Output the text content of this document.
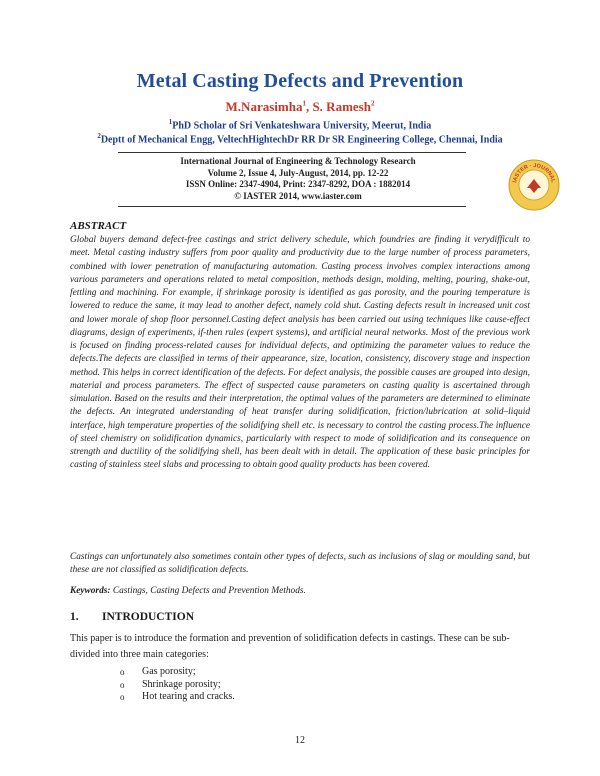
Metal Casting Defects and Prevention
M.Narasimha$^1$, S. Ramesh$^2$
$^1$PhD Scholar of Sri Venkateshwara University, Meerut, India
$^2$Deptt of Mechanical Engg, VeltechHightechDr RR Dr SR Engineering College, Chennai, India
International Journal of Engineering & Technology Research
Volume 2, Issue 4, July-August, 2014, pp. 12-22
ISSN Online: 2347-4904, Print: 2347-8292, DOA : 1882014
© IASTER 2014, www.iaster.com
IASTER · JOURNAL
ABSTRACT
Global buyers demand defect-free castings and strict delivery schedule, which foundries are finding it verydifficult to meet. Metal casting industry suffers from poor quality and productivity due to the large number of process parameters, combined with lower penetration of manufacturing automation. Casting process involves complex interactions among various parameters and operations related to metal composition, methods design, molding, melting, pouring, shake-out, fettling and machining. For example, if shrinkage porosity is identified as gas porosity, and the pouring temperature is lowered to reduce the same, it may lead to another defect, namely cold shut. Casting defects result in increased unit cost and lower morale of shop floor personnel.Casting defect analysis has been carried out using techniques like cause-effect diagrams, design of experiments, if-then rules (expert systems), and artificial neural networks. Most of the previous work is focused on finding process-related causes for individual defects, and optimizing the parameter values to reduce the defects.The defects are classified in terms of their appearance, size, location, consistency, discovery stage and inspection method. This helps in correct identification of the defects. For defect analysis, the possible causes are grouped into design, material and process parameters. The effect of suspected cause parameters on casting quality is ascertained through simulation. Based on the results and their interpretation, the optimal values of the parameters are determined to eliminate the defects. An integrated understanding of heat transfer during solidification, friction/lubrication at solid–liquid interface, high temperature properties of the solidifying shell etc. is necessary to control the casting process.The influence of steel chemistry on solidification dynamics, particularly with respect to mode of solidification and its consequence on strength and ductility of the solidifying shell, has been dealt with in detail. The application of these basic principles for casting of stainless steel slabs and processing to obtain good quality products has been covered.
Castings can unfortunately also sometimes contain other types of defects, such as inclusions of slag or moulding sand, but these are not classified as solidification defects.
Keywords: Castings, Casting Defects and Prevention Methods.
1. INTRODUCTION
This paper is to introduce the formation and prevention of solidification defects in castings. These can be sub-divided into three main categories:
o Gas porosity;
o Shrinkage porosity;
o Hot tearing and cracks.
12
